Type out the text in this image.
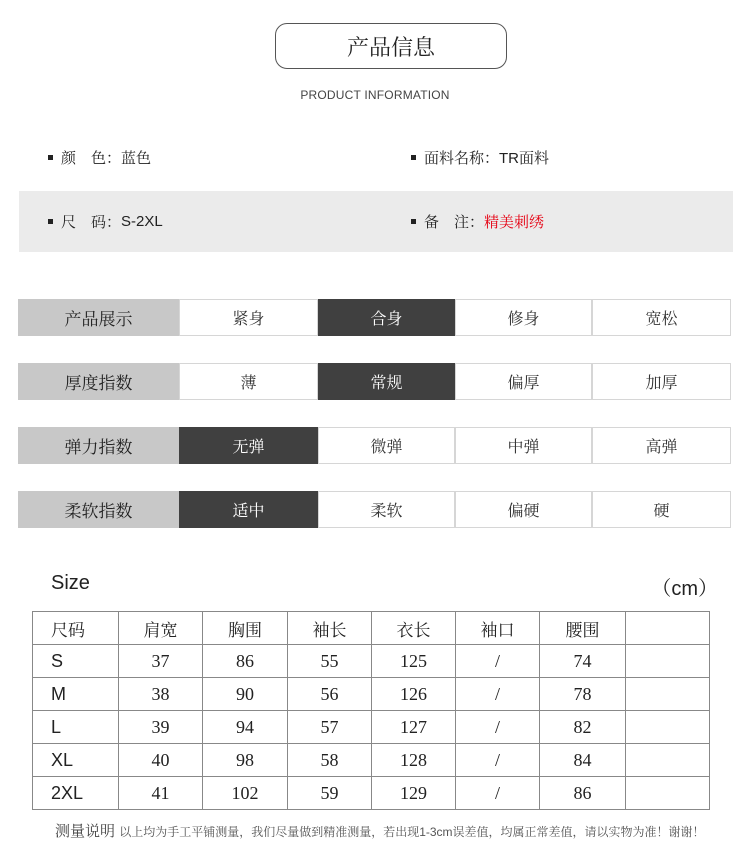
产品信息
PRODUCT INFORMATION
颜　色： 蓝色	面料名称： TR面料
尺　码： S-2XL	备　注： 精美刺绣
产品展示	紧身	合身	修身	宽松
厚度指数	薄	常规	偏厚	加厚
弹力指数	无弹	微弹	中弹	高弹
柔软指数	适中	柔软	偏硬	硬
Size	（cm）
尺码	肩宽	胸围	袖长	衣长	袖口	腰围	
S	37	86	55	125	/	74	
M	38	90	56	126	/	78	
L	39	94	57	127	/	82	
XL	40	98	58	128	/	84	
2XL	41	102	59	129	/	86	
测量说明 以上均为手工平铺测量，我们尽量做到精准测量，若出现1-3cm误差值，均属正常差值，请以实物为准！谢谢！
